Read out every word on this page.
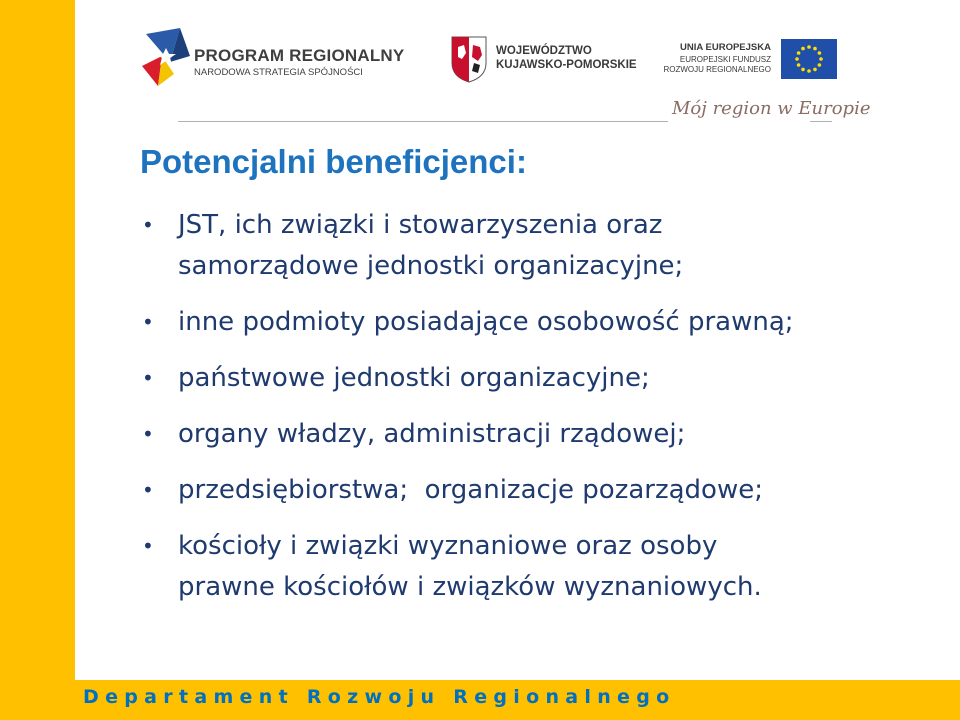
PROGRAM REGIONALNY
NARODOWA STRATEGIA SPÓJNOŚCI
WOJEWÓDZTWO
KUJAWSKO-POMORSKIE
UNIA EUROPEJSKA
EUROPEJSKI FUNDUSZ
ROZWOJU REGIONALNEGO
Mój region w Europie
Potencjalni beneficjenci:
• JST, ich związki i stowarzyszenia oraz
samorządowe jednostki organizacyjne;
• inne podmioty posiadające osobowość prawną;
• państwowe jednostki organizacyjne;
• organy władzy, administracji rządowej;
• przedsiębiorstwa;  organizacje pozarządowe;
• kościoły i związki wyznaniowe oraz osoby
prawne kościołów i związków wyznaniowych.
Departament Rozwoju Regionalnego
